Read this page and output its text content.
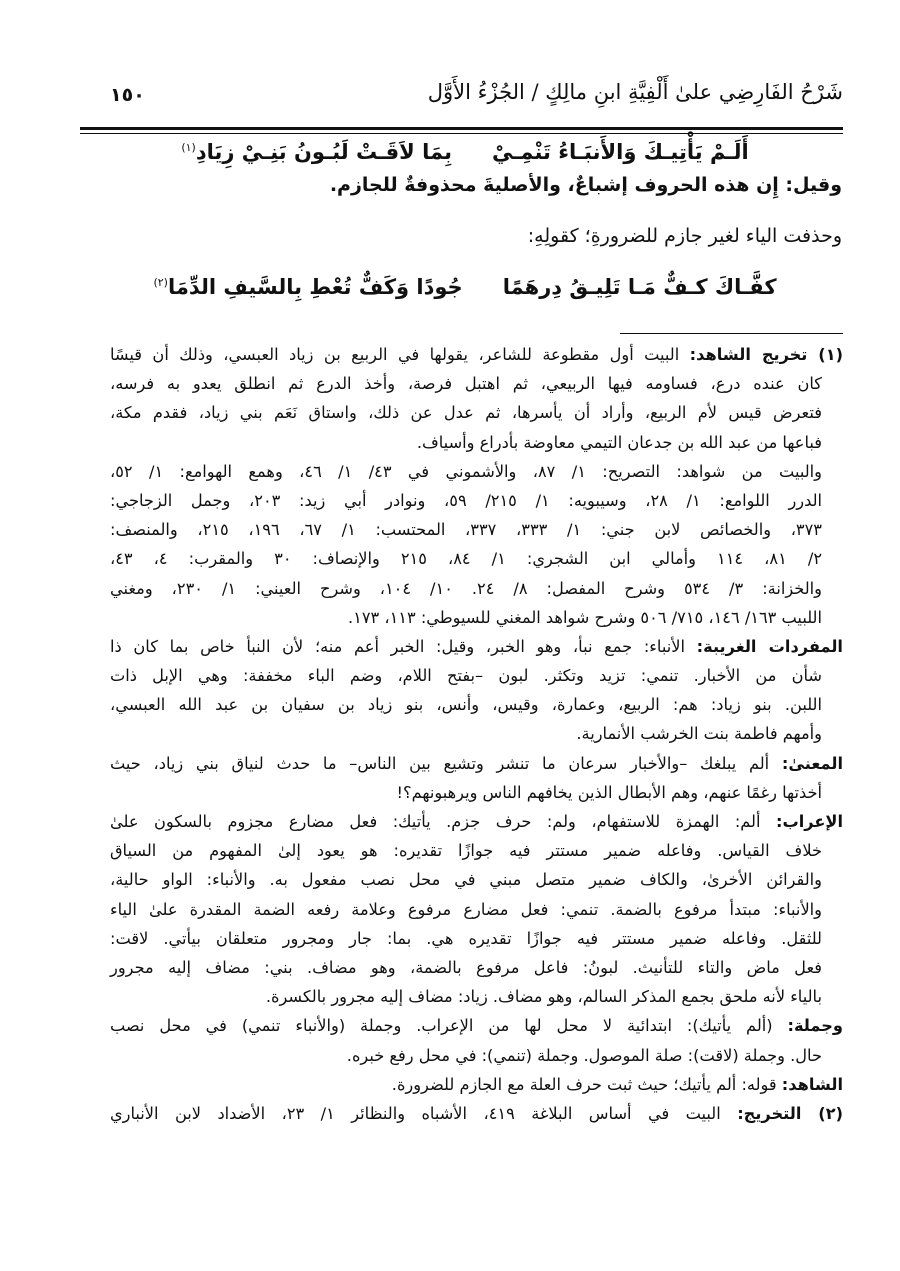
١٥٠	شَرْحُ الفَارِضِي علىٰ أَلْفِيَّةِ ابنِ مالِكٍ / الجُزْءُ الأَوَّل
أَلَـمْ يَأْتِيـكَ وَالأَنبَـاءُ تَنْمِـيْ
بِمَا لاَقَـتْ لَبُـونُ بَنِـيْ زِيَادِ$^{(١)}$
وقيل: إِن هذه الحروف إشباعٌ، والأصليةَ محذوفةٌ للجازم.
وحذفت الياء لغير جازم للضرورةِ؛ كقولِهِ:
كفَّـاكَ كـفٌّ مَـا تَلِيـقُ دِرهَمًا
جُودًا وَكَفٌّ تُعْطِ بِالسَّيفِ الدِّمَا$^{(٢)}$
(١) تخريج الشاهد: البيت أول مقطوعة للشاعر، يقولها في الربيع بن زياد العبسي، وذلك أن قيسًا
كان عنده درع، فساومه فيها الربيعي، ثم اهتبل فرصة، وأخذ الدرع ثم انطلق يعدو به فرسه،
فتعرض قيس لأم الربيع، وأراد أن يأسرها، ثم عدل عن ذلك، واستاق نَعَم بني زياد، فقدم مكة،
فباعها من عبد الله بن جدعان التيمي معاوضة بأدراع وأسياف.
والبيت من شواهد: التصريح: ١/ ٨٧، والأشموني في ٤٣/ ١/ ٤٦، وهمع الهوامع: ١/ ٥٢،
الدرر اللوامع: ١/ ٢٨، وسيبويه: ١/ ٢١٥/ ٥٩، ونوادر أبي زيد: ٢٠٣، وجمل الزجاجي:
٣٧٣، والخصائص لابن جني: ١/ ٣٣٣، ٣٣٧، المحتسب: ١/ ٦٧، ١٩٦، ٢١٥، والمنصف:
٢/ ٨١، ١١٤ وأمالي ابن الشجري: ١/ ٨٤، ٢١٥ والإنصاف: ٣٠ والمقرب: ٤، ٤٣،
والخزانة: ٣/ ٥٣٤ وشرح المفصل: ٨/ ٢٤. ١٠/ ١٠٤، وشرح العيني: ١/ ٢٣٠، ومغني
اللبيب ١٦٣/ ١٤٦، ٧١٥/ ٥٠٦ وشرح شواهد المغني للسيوطي: ١١٣، ١٧٣.
المفردات الغريبة: الأنباء: جمع نبأ، وهو الخبر، وقيل: الخبر أعم منه؛ لأن النبأ خاص بما كان ذا
شأن من الأخبار. تنمي: تزيد وتكثر. لبون –بفتح اللام، وضم الباء مخففة: وهي الإبل ذات
اللبن. بنو زياد: هم: الربيع، وعمارة، وقيس، وأنس، بنو زياد بن سفيان بن عبد الله العبسي،
وأمهم فاطمة بنت الخرشب الأنمارية.
المعنىٰ: ألم يبلغك –والأخبار سرعان ما تنشر وتشيع بين الناس– ما حدث لنياق بني زياد، حيث
أخذتها رغمًا عنهم، وهم الأبطال الذين يخافهم الناس ويرهبونهم؟!
الإعراب: ألم: الهمزة للاستفهام، ولم: حرف جزم. يأتيك: فعل مضارع مجزوم بالسكون علىٰ
خلاف القياس. وفاعله ضمير مستتر فيه جوازًا تقديره: هو يعود إلىٰ المفهوم من السياق
والقرائن الأخرىٰ، والكاف ضمير متصل مبني في محل نصب مفعول به. والأنباء: الواو حالية،
والأنباء: مبتدأ مرفوع بالضمة. تنمي: فعل مضارع مرفوع وعلامة رفعه الضمة المقدرة علىٰ الياء
للثقل. وفاعله ضمير مستتر فيه جوازًا تقديره هي. بما: جار ومجرور متعلقان بيأتي. لاقت:
فعل ماض والتاء للتأنيث. لبونُ: فاعل مرفوع بالضمة، وهو مضاف. بني: مضاف إليه مجرور
بالياء لأنه ملحق بجمع المذكر السالم، وهو مضاف. زياد: مضاف إليه مجرور بالكسرة.
وجملة: (ألم يأتيك): ابتدائية لا محل لها من الإعراب. وجملة (والأنباء تنمي) في محل نصب
حال. وجملة (لاقت): صلة الموصول. وجملة (تنمي): في محل رفع خبره.
الشاهد: قوله: ألم يأتيك؛ حيث ثبت حرف العلة مع الجازم للضرورة.
(٢) التخريج: البيت في أساس البلاغة ٤١٩، الأشباه والنظائر ١/ ٢٣، الأضداد لابن الأنباري
